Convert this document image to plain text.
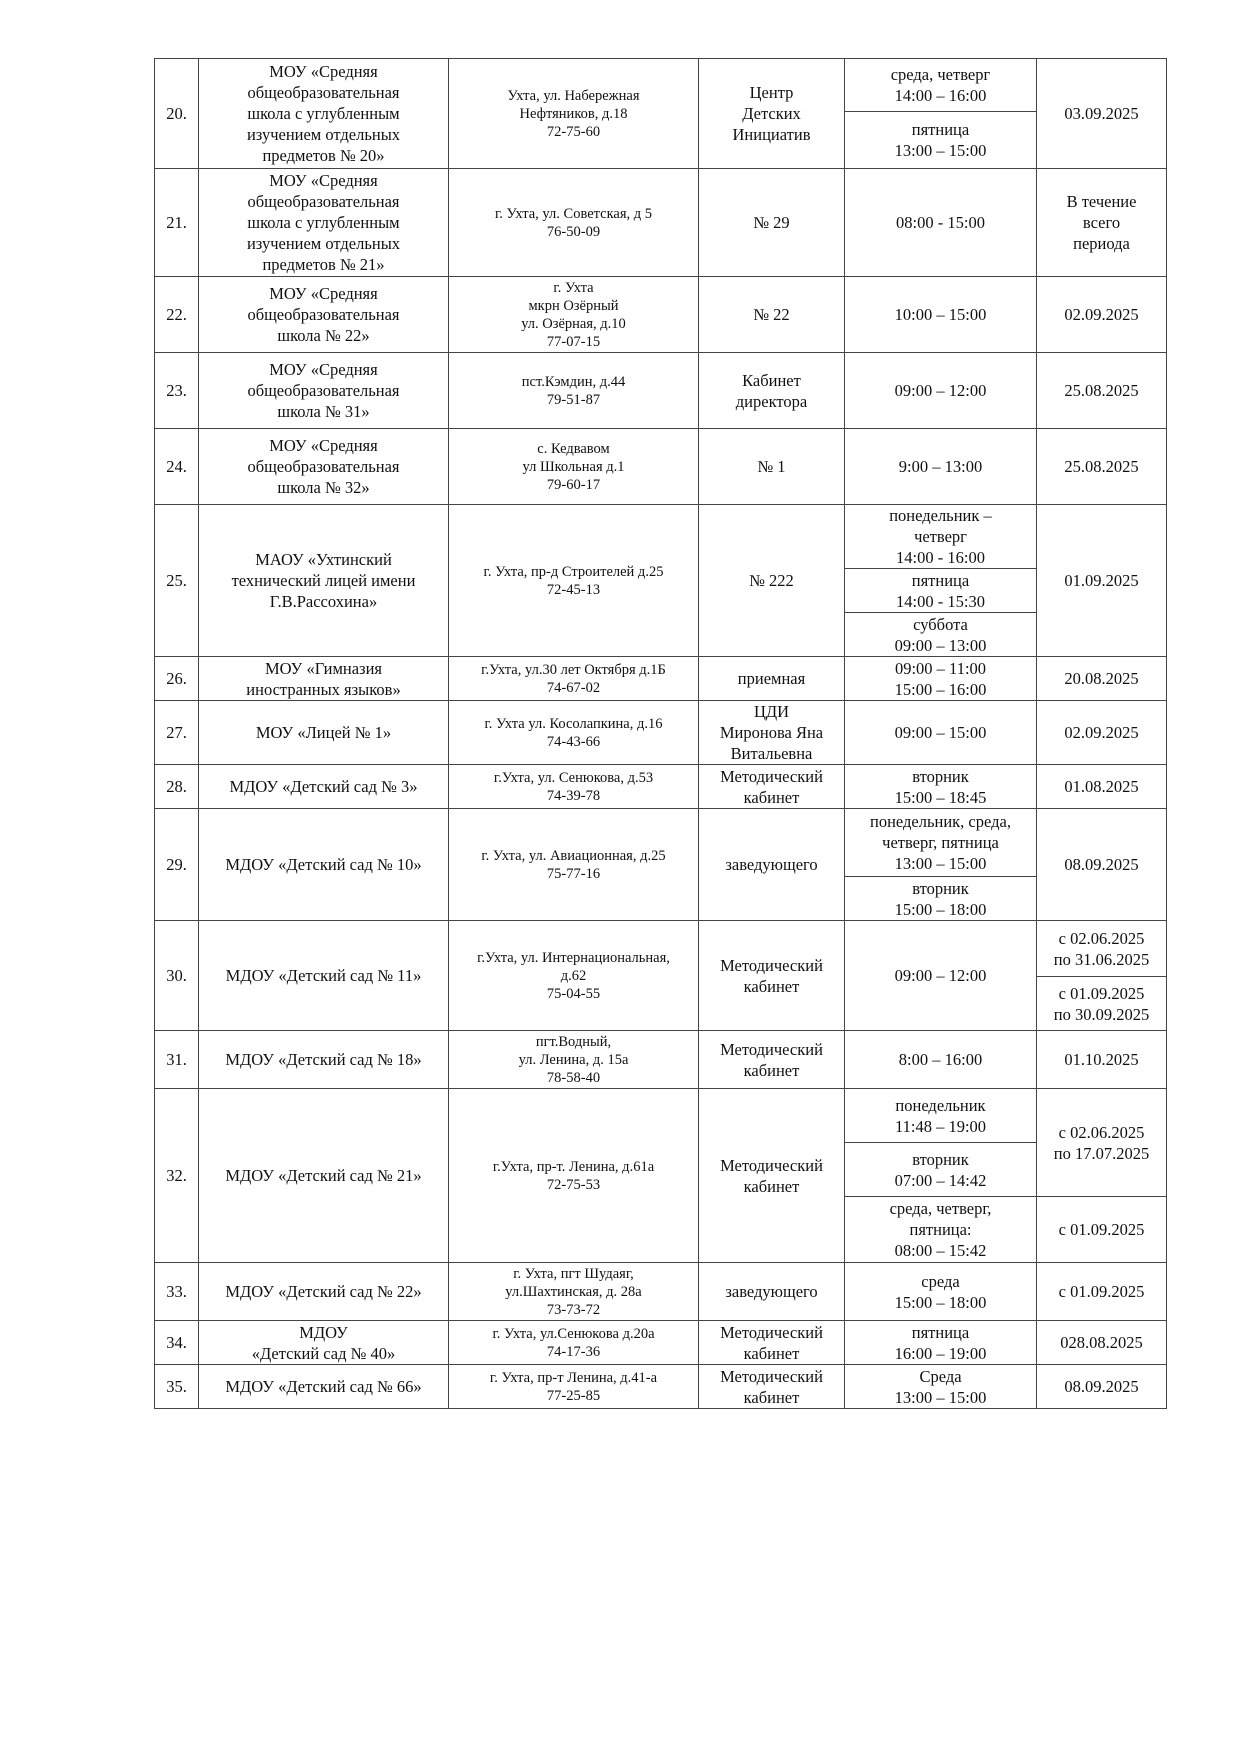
20.	МОУ «Средняя
общеобразовательная
школа с углубленным
изучением отдельных
предметов № 20»	Ухта, ул. Набережная
Нефтяников, д.18
72-75-60	Центр
Детских
Инициатив	среда, четверг
14:00 – 16:00	03.09.2025

				пятница
13:00 – 15:00	

21.	МОУ «Средняя
общеобразовательная
школа с углубленным
изучением отдельных
предметов № 21»	г. Ухта, ул. Советская, д 5
76-50-09	№ 29	08:00 - 15:00	В течение
всего
периода

22.	МОУ «Средняя
общеобразовательная
школа № 22»	г. Ухта
мкрн Озёрный
ул. Озёрная, д.10
77-07-15	№ 22	10:00 – 15:00	02.09.2025

23.	МОУ «Средняя
общеобразовательная
школа № 31»	пст.Кэмдин, д.44
79-51-87	Кабинет
директора	09:00 – 12:00	25.08.2025

24.	МОУ «Средняя
общеобразовательная
школа № 32»	с. Кедвавом
ул Школьная д.1
79-60-17	№ 1	9:00 – 13:00	25.08.2025

25.	МАОУ «Ухтинский
технический лицей имени
Г.В.Рассохина»	г. Ухта, пр-д Строителей д.25
72-45-13	№ 222	понедельник –
четверг
14:00 - 16:00	01.09.2025

				пятница
14:00 - 15:30	

				суббота
09:00 – 13:00	

26.	МОУ «Гимназия
иностранных языков»	г.Ухта, ул.30 лет Октября д.1Б
74-67-02	приемная	09:00 – 11:00
15:00 – 16:00	20.08.2025

27.	МОУ «Лицей № 1»	г. Ухта ул. Косолапкина, д.16
74-43-66	ЦДИ
Миронова Яна
Витальевна	09:00 – 15:00	02.09.2025

28.	МДОУ «Детский сад № 3»	г.Ухта, ул. Сенюкова, д.53
74-39-78	Методический
кабинет	вторник
15:00 – 18:45	01.08.2025

29.	МДОУ «Детский сад № 10»	г. Ухта, ул. Авиационная, д.25
75-77-16	заведующего	понедельник, среда,
четверг, пятница
13:00 – 15:00	08.09.2025

				вторник
15:00 – 18:00	

30.	МДОУ «Детский сад № 11»	г.Ухта, ул. Интернациональная,
д.62
75-04-55	Методический
кабинет	09:00 – 12:00	с 02.06.2025
по 31.06.2025

					с 01.09.2025
по 30.09.2025

31.	МДОУ «Детский сад № 18»	пгт.Водный,
ул. Ленина, д. 15а
78-58-40	Методический
кабинет	8:00 – 16:00	01.10.2025

32.	МДОУ «Детский сад № 21»	г.Ухта, пр-т. Ленина, д.61а
72-75-53	Методический
кабинет	понедельник
11:48 – 19:00	с 02.06.2025
по 17.07.2025

				вторник
07:00 – 14:42	

				среда, четверг,
пятница:
08:00 – 15:42	с 01.09.2025

33.	МДОУ «Детский сад № 22»	г. Ухта, пгт Шудаяг,
ул.Шахтинская, д. 28а
73-73-72	заведующего	среда
15:00 – 18:00	с 01.09.2025

34.	МДОУ
«Детский сад № 40»	г. Ухта, ул.Сенюкова д.20а
74-17-36	Методический
кабинет	пятница
16:00 – 19:00	028.08.2025

35.	МДОУ «Детский сад № 66»	г. Ухта, пр-т Ленина, д.41-а
77-25-85	Методический
кабинет	Среда
13:00 – 15:00	08.09.2025
